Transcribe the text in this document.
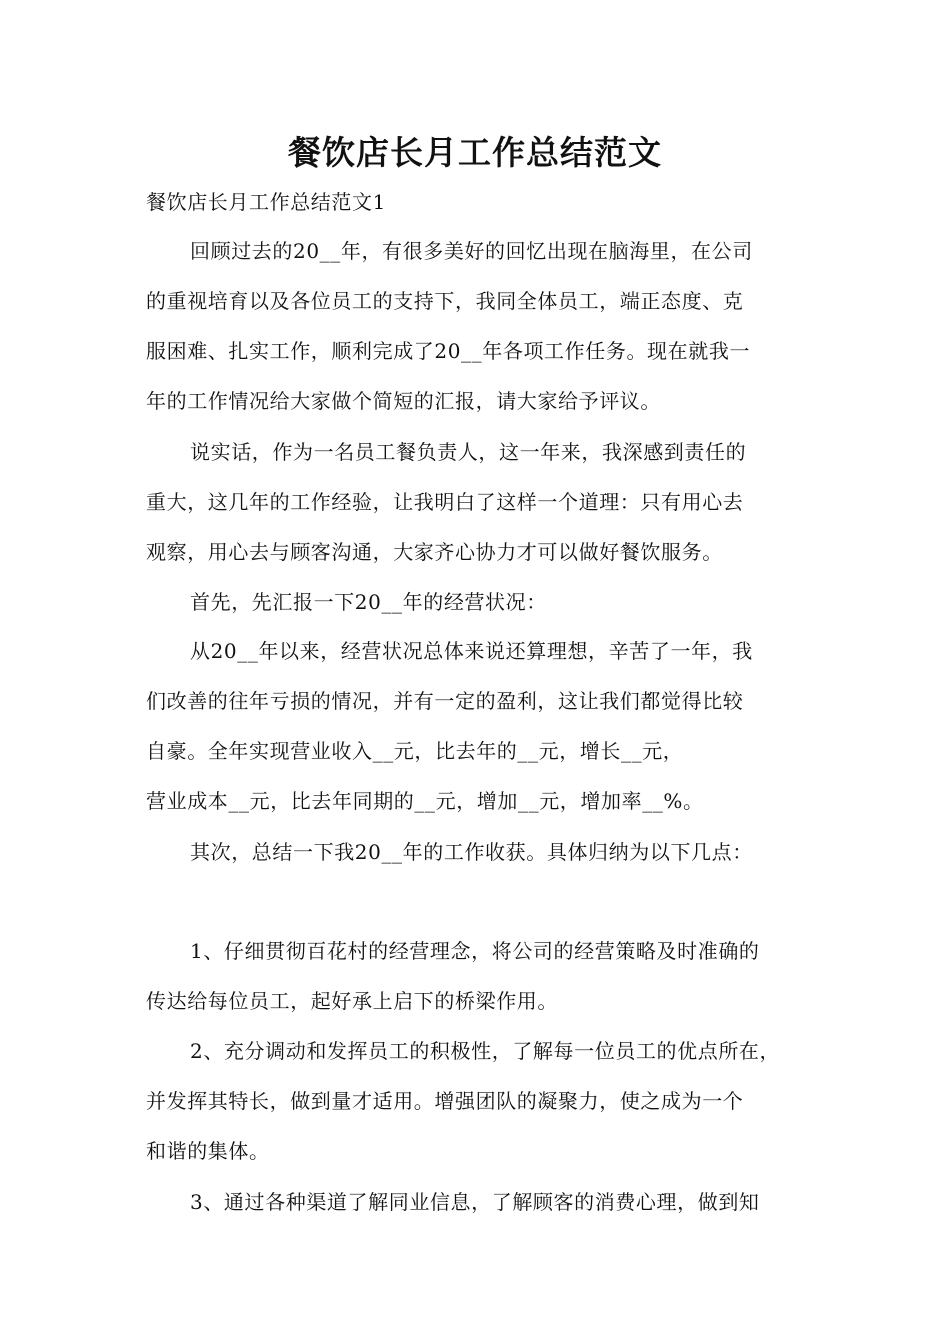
餐饮店长月工作总结范文
餐饮店长月工作总结范文1
回顾过去的20__年，有很多美好的回忆出现在脑海里，在公司
的重视培育以及各位员工的支持下，我同全体员工，端正态度、克
服困难、扎实工作，顺利完成了20__年各项工作任务。现在就我一
年的工作情况给大家做个简短的汇报，请大家给予评议。
说实话，作为一名员工餐负责人，这一年来，我深感到责任的
重大，这几年的工作经验，让我明白了这样一个道理：只有用心去
观察，用心去与顾客沟通，大家齐心协力才可以做好餐饮服务。
首先，先汇报一下20__年的经营状况：
从20__年以来，经营状况总体来说还算理想，辛苦了一年，我
们改善的往年亏损的情况，并有一定的盈利，这让我们都觉得比较
自豪。全年实现营业收入__元，比去年的__元，增长__元，
营业成本__元，比去年同期的__元，增加__元，增加率__%。
其次，总结一下我20__年的工作收获。具体归纳为以下几点：
1、仔细贯彻百花村的经营理念，将公司的经营策略及时准确的
传达给每位员工，起好承上启下的桥梁作用。
2、充分调动和发挥员工的积极性，了解每一位员工的优点所在，
并发挥其特长，做到量才适用。增强团队的凝聚力，使之成为一个
和谐的集体。
3、通过各种渠道了解同业信息，了解顾客的消费心理，做到知
